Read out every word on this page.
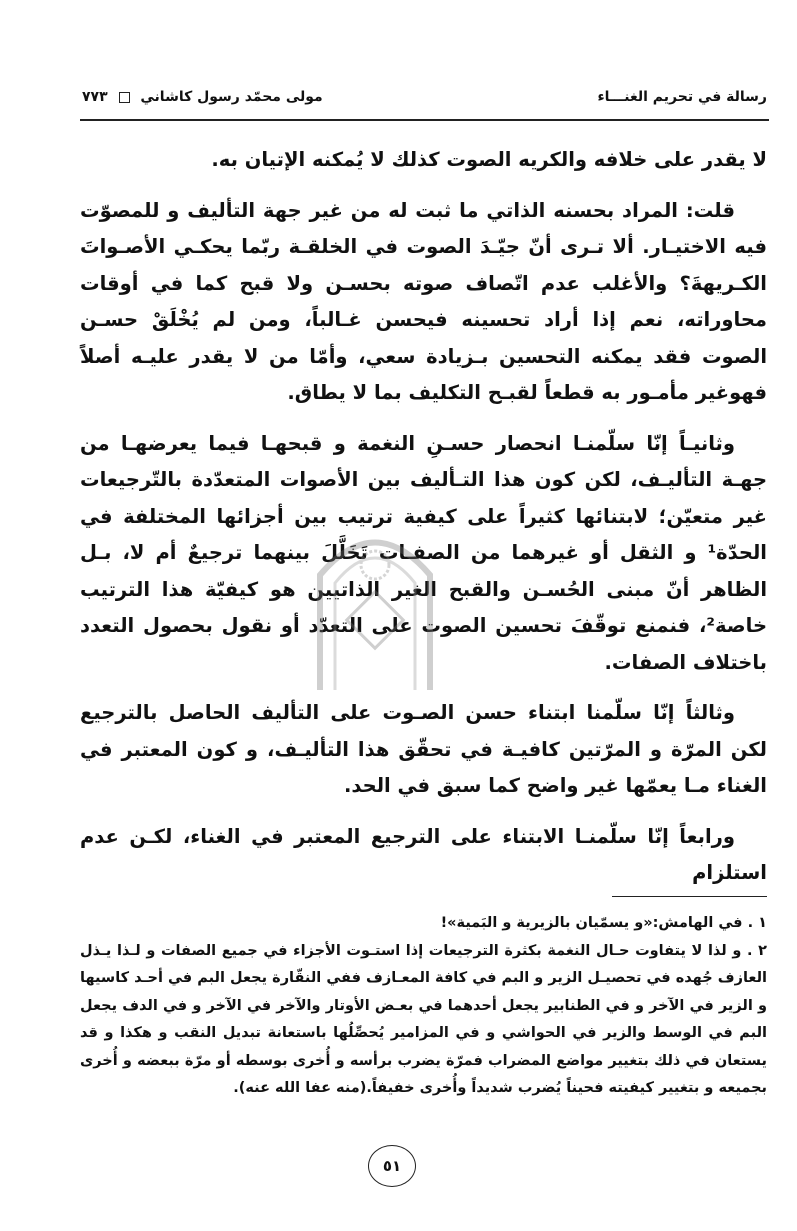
رسالة في تحريم الغنـــاء
مولى محمّد رسول كاشاني  ٧٧٣

لا يقدر على خلافه والكريه الصوت كذلك لا يُمكنه الإتيان به.

قلت: المراد بحسنه الذاتي ما ثبت له من غير جهة التأليف و للمصوّت فيه الاختيـار. ألا تـرى أنّ جيّـدَ الصوت في الخلقـة ربّما يحكـي الأصـواتَ الكـريهةَ؟ والأغلب عدم اتّصاف صوته بحسـن ولا قبح كما في أوقات محاوراته، نعم إذا أراد تحسينه فيحسن غـالباً، ومن لم يُخْلَقْ حسـن الصوت فقد يمكنه التحسين بـزيادة سعي، وأمّا من لا يقدر عليـه أصلاً فهوغير مأمـور به قطعاً لقبـح التكليف بما لا يطاق.

وثانيـاً إنّا سلّمنـا انحصار حسـنِ النغمة و قبحهـا فيما يعرضهـا من جهـة التأليـف، لكن كون هذا التـأليف بين الأصوات المتعدّدة بالتّرجيعات غير متعيّن؛ لابتنائها كثيراً على كيفية ترتيب بين أجزائها المختلفة في الحدّة¹ و الثقل أو غيرهما من الصفـات تَخَلَّلَ بينهما ترجيعٌ أم لا، بـل الظاهر أنّ مبنى الحُسـن والقبح الغير الذاتيين هو كيفيّة هذا الترتيب خاصة²، فنمنع توقّفَ تحسين الصوت على التعدّد أو نقول بحصول التعدد باختلاف الصفات.

وثالثاً إنّا سلّمنا ابتناء حسن الصـوت على التأليف الحاصل بالترجيع لكن المرّة و المرّتين كافيـة في تحقّق هذا التأليـف، و كون المعتبر في الغناء مـا يعمّها غير واضح كما سبق في الحد.

ورابعاً إنّا سلّمنـا الابتناء على الترجيع المعتبر في الغناء، لكـن عدم استلزام

١ . في الهامش:«و يسمّيان بالزيرية و البَمية»!

٢ . و لذا لا يتفاوت حـال النغمة بكثرة الترجيعات إذا استـوت الأجزاء في جميع الصفات و لـذا يـذل العازف جُهده في تحصيـل الزير و البم في كافة المعـازف ففي النقّارة يجعل البم في أحـد كاسيها و الزير في الآخر و في الطنابير يجعل أحدهما في بعـض الأوتار والآخر في الآخر و في الدف يجعل البم في الوسط والزير في الحواشي و في المزامير يُحصِّلُها باستعانة تبديل النقب و هكذا و قد يستعان في ذلك بتغيير مواضع المضراب فمرّة يضرب برأسه و أُخرى بوسطه أو مرّة ببعضه و أُخرى بجميعه و بتغيير كيفيته فحيناً يُضرب شديداً وأُخرى خفيفاً.(منه عفا الله عنه).

٥١
